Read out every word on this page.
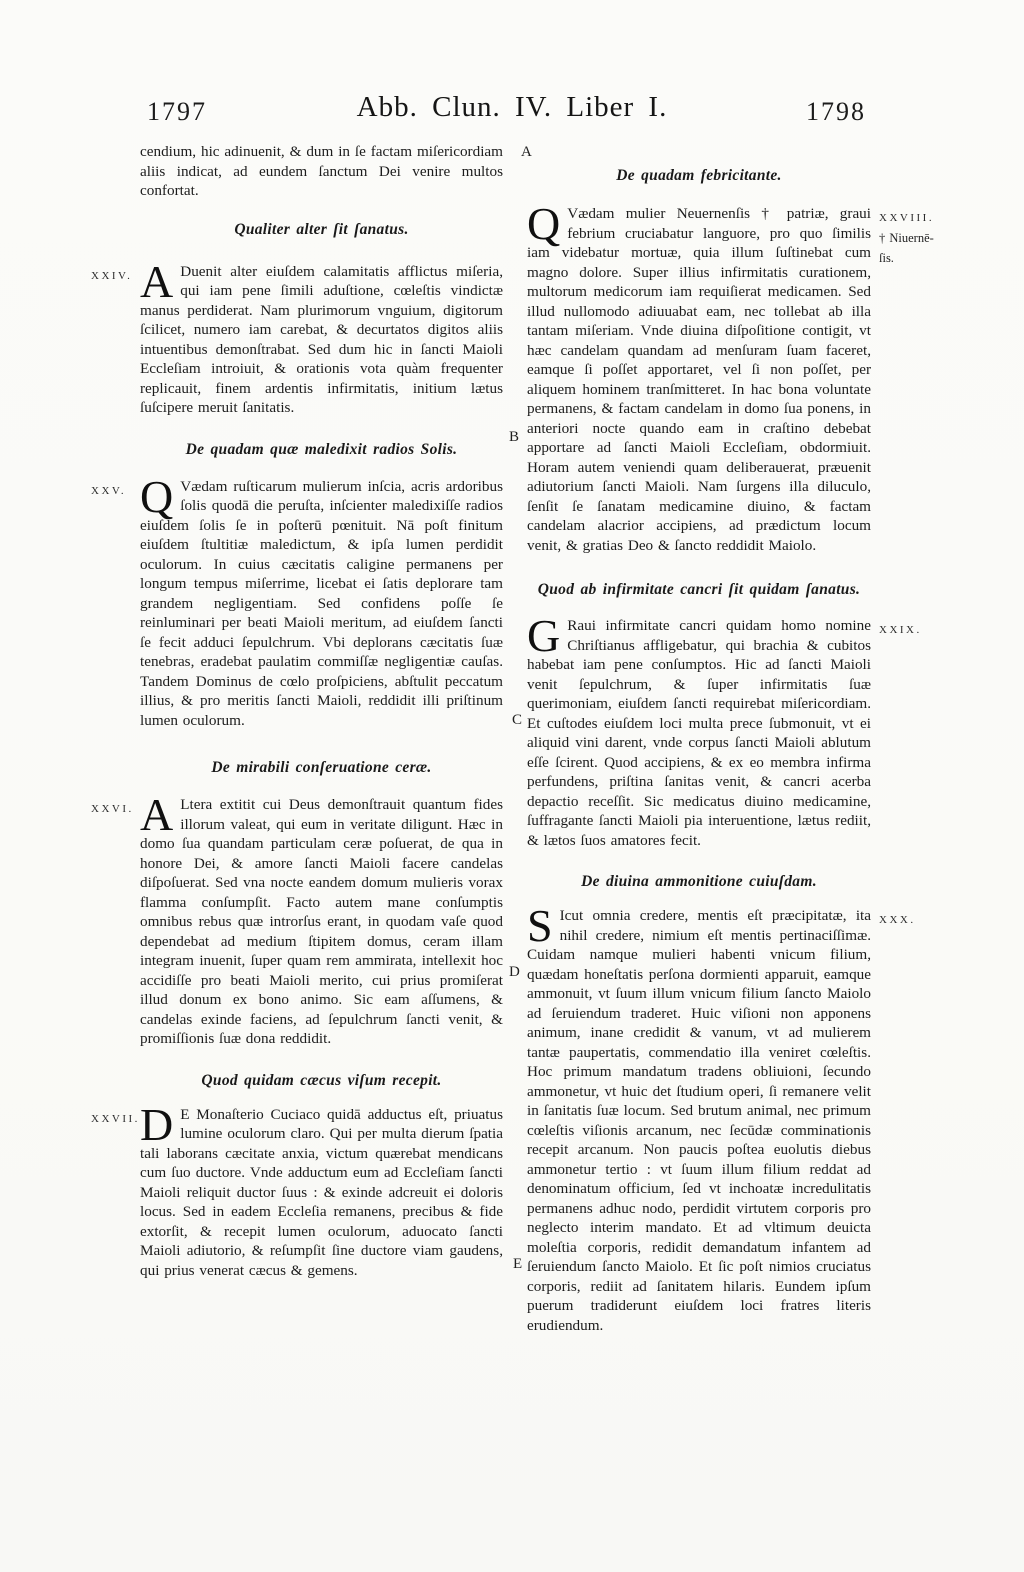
1797	Abb. Clun. IV. Liber I.	1798
A
B
C
D
E

cendium, hic adinuenit, & dum in ſe factam miſericordiam aliis indicat, ad eundem ſanctum Dei venire multos confortat.

Qualiter alter ſit ſanatus.

XXIV. A Duenit alter eiuſdem calamitatis afflictus miſeria, qui iam pene ſimili aduſtione, cœleſtis vindictæ manus perdiderat. Nam plurimorum vnguium, digitorum ſcilicet, numero iam carebat, & decurtatos digitos aliis intuentibus demonſtrabat. Sed dum hic in ſancti Maioli Eccleſiam introiuit, & orationis vota quàm frequenter replicauit, finem ardentis infirmitatis, initium lætus ſuſcipere meruit ſanitatis.

De quadam quæ maledixit radios Solis.

XXV. Q Vædam ruſticarum mulierum inſcia, acris ardoribus ſolis quodā die peruſta, inſcienter maledixiſſe radios eiuſdem ſolis ſe in poſterū pœnituit. Nā poſt finitum eiuſdem ſtultitiæ maledictum, & ipſa lumen perdidit oculorum. In cuius cæcitatis caligine permanens per longum tempus miſerrime, licebat ei ſatis deplorare tam grandem negligentiam. Sed confidens poſſe ſe reinluminari per beati Maioli meritum, ad eiuſdem ſancti ſe fecit adduci ſepulchrum. Vbi deplorans cæcitatis ſuæ tenebras, eradebat paulatim commiſſæ negligentiæ cauſas. Tandem Dominus de cœlo proſpiciens, abſtulit peccatum illius, & pro meritis ſancti Maioli, reddidit illi priſtinum lumen oculorum.

De mirabili conſeruatione ceræ.

XXVI. A Ltera extitit cui Deus demonſtrauit quantum fides illorum valeat, qui eum in veritate diligunt. Hæc in domo ſua quandam particulam ceræ poſuerat, de qua in honore Dei, & amore ſancti Maioli facere candelas diſpoſuerat. Sed vna nocte eandem domum mulieris vorax flamma conſumpſit. Facto autem mane conſumptis omnibus rebus quæ introrſus erant, in quodam vaſe quod dependebat ad medium ſtipitem domus, ceram illam integram inuenit, ſuper quam rem ammirata, intellexit hoc accidiſſe pro beati Maioli merito, cui prius promiſerat illud donum ex bono animo. Sic eam aſſumens, & candelas exinde faciens, ad ſepulchrum ſancti venit, & promiſſionis ſuæ dona reddidit.

Quod quidam cæcus viſum recepit.

XXVII. D E Monaſterio Cuciaco quidā adductus eſt, priuatus lumine oculorum claro. Qui per multa dierum ſpatia tali laborans cæcitate anxia, victum quærebat mendicans cum ſuo ductore. Vnde adductum eum ad Eccleſiam ſancti Maioli reliquit ductor ſuus : & exinde adcreuit ei doloris locus. Sed in eadem Eccleſia remanens, precibus & fide extorſit, & recepit lumen oculorum, aduocato ſancti Maioli adiutorio, & reſumpſit ſine ductore viam gaudens, qui prius venerat cæcus & gemens.

De quadam febricitante.

XXVIII.
† Niuernē-
ſis.
Q Vædam mulier Neuernenſis † patriæ, graui febrium cruciabatur languore, pro quo ſimilis iam videbatur mortuæ, quia illum ſuſtinebat cum magno dolore. Super illius infirmitatis curationem, multorum medicorum iam requiſierat medicamen. Sed illud nullomodo adiuuabat eam, nec tollebat ab illa tantam miſeriam. Vnde diuina diſpoſitione contigit, vt hæc candelam quandam ad menſuram ſuam faceret, eamque ſi poſſet apportaret, vel ſi non poſſet, per aliquem hominem tranſmitteret. In hac bona voluntate permanens, & factam candelam in domo ſua ponens, in anteriori nocte quando eam in craſtino debebat apportare ad ſancti Maioli Eccleſiam, obdormiuit. Horam autem veniendi quam deliberauerat, præuenit adiutorium ſancti Maioli. Nam ſurgens illa diluculo, ſenſit ſe ſanatam medicamine diuino, & factam candelam alacrior accipiens, ad prædictum locum venit, & gratias Deo & ſancto reddidit Maiolo.

Quod ab infirmitate cancri ſit quidam ſanatus.

XXIX.
G Raui infirmitate cancri quidam homo nomine Chriſtianus affligebatur, qui brachia & cubitos habebat iam pene conſumptos. Hic ad ſancti Maioli venit ſepulchrum, & ſuper infirmitatis ſuæ querimoniam, eiuſdem ſancti requirebat miſericordiam. Et cuſtodes eiuſdem loci multa prece ſubmonuit, vt ei aliquid vini darent, vnde corpus ſancti Maioli ablutum eſſe ſcirent. Quod accipiens, & ex eo membra infirma perfundens, priſtina ſanitas venit, & cancri acerba depactio receſſit. Sic medicatus diuino medicamine, ſuffragante ſancti Maioli pia interuentione, lætus rediit, & lætos ſuos amatores fecit.

De diuina ammonitione cuiuſdam.

XXX.
S Icut omnia credere, mentis eſt præcipitatæ, ita nihil credere, nimium eſt mentis pertinaciſſimæ. Cuidam namque mulieri habenti vnicum filium, quædam honeſtatis perſona dormienti apparuit, eamque ammonuit, vt ſuum illum vnicum filium ſancto Maiolo ad ſeruiendum traderet. Huic viſioni non apponens animum, inane credidit & vanum, vt ad mulierem tantæ paupertatis, commendatio illa veniret cœleſtis. Hoc primum mandatum tradens obliuioni, ſecundo ammonetur, vt huic det ſtudium operi, ſi remanere velit in ſanitatis ſuæ locum. Sed brutum animal, nec primum cœleſtis viſionis arcanum, nec ſecūdæ comminationis recepit arcanum. Non paucis poſtea euolutis diebus ammonetur tertio : vt ſuum illum filium reddat ad denominatum officium, ſed vt inchoatæ incredulitatis permanens adhuc nodo, perdidit virtutem corporis pro neglecto interim mandato. Et ad vltimum deuicta moleſtia corporis, redidit demandatum infantem ad ſeruiendum ſancto Maiolo. Et ſic poſt nimios cruciatus corporis, rediit ad ſanitatem hilaris. Eundem ipſum puerum tradiderunt eiuſdem loci fratres literis erudiendum.
